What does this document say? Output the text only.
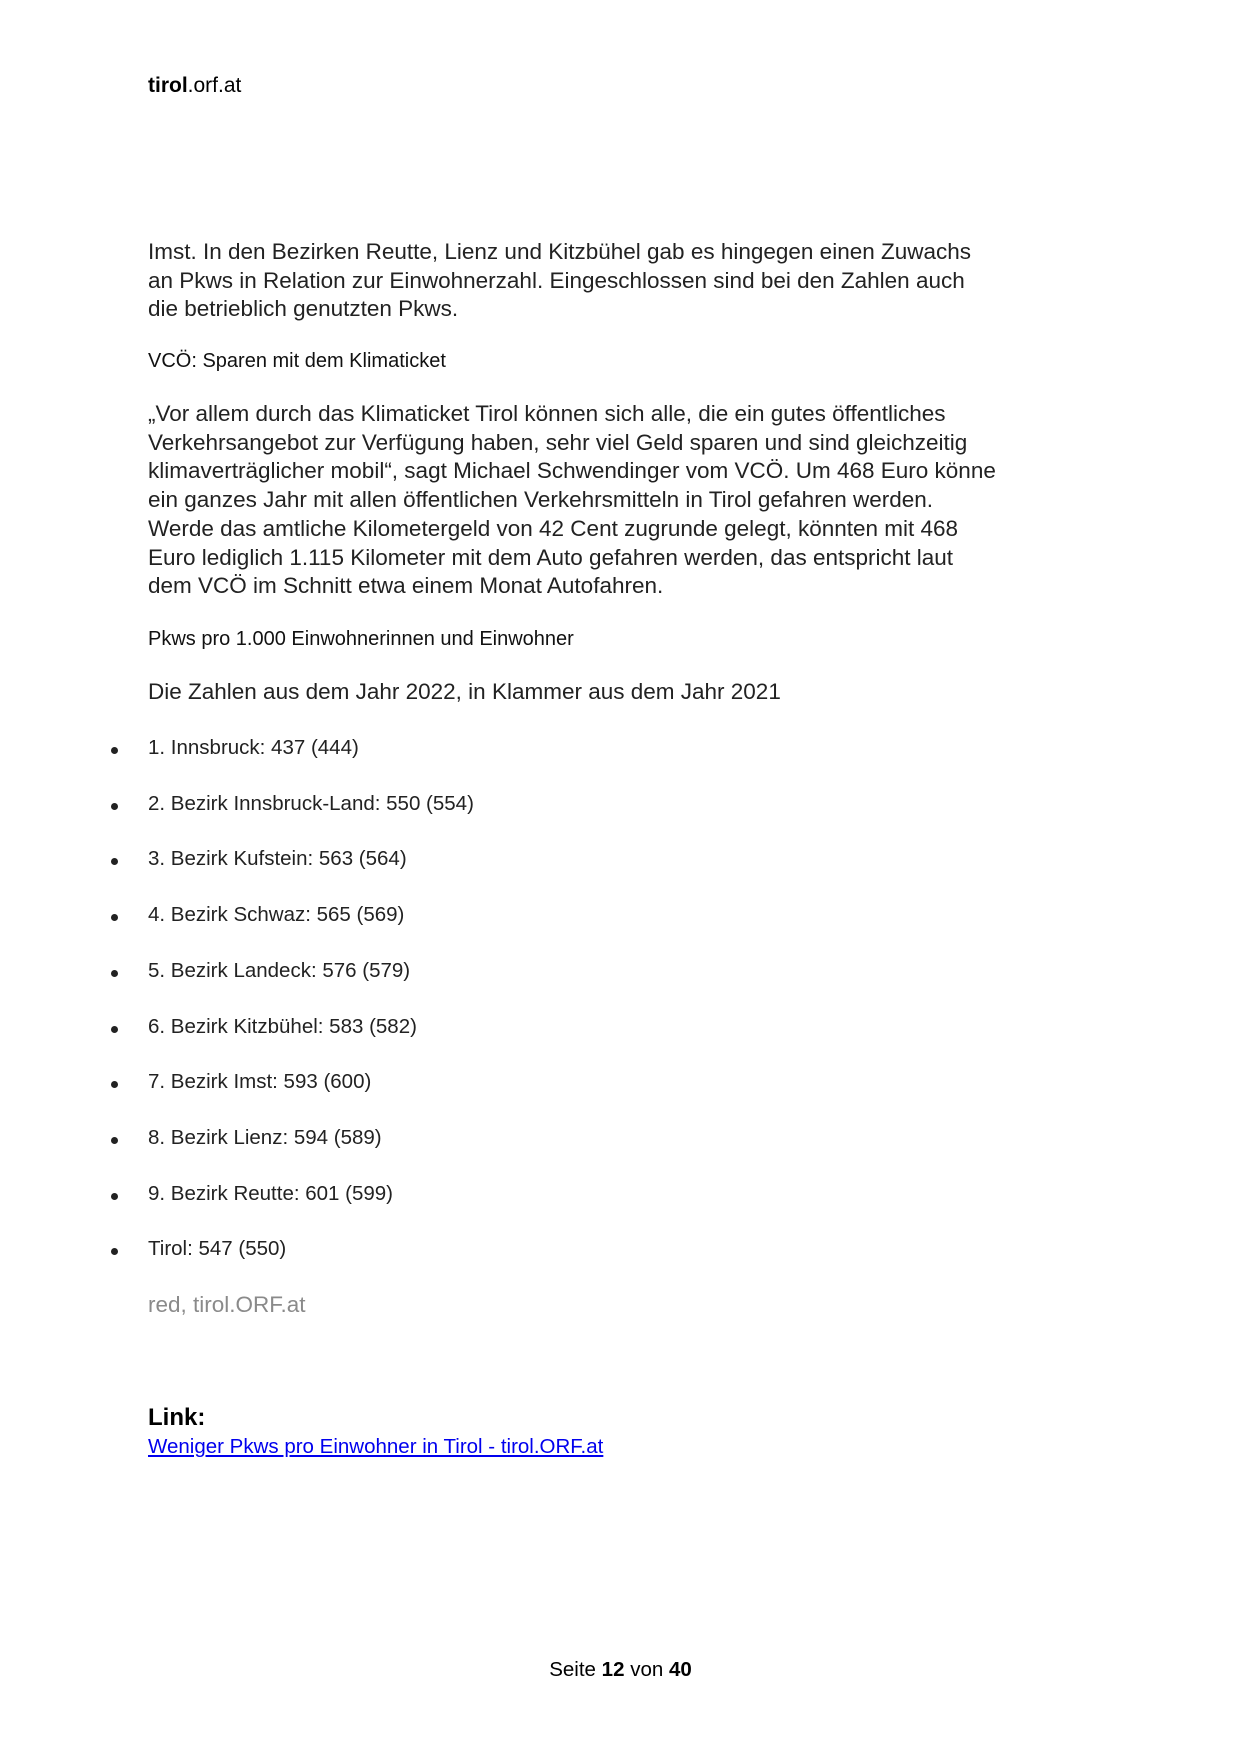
tirol.orf.at
Imst. In den Bezirken Reutte, Lienz und Kitzbühel gab es hingegen einen Zuwachs
an Pkws in Relation zur Einwohnerzahl. Eingeschlossen sind bei den Zahlen auch
die betrieblich genutzten Pkws.
VCÖ: Sparen mit dem Klimaticket
„Vor allem durch das Klimaticket Tirol können sich alle, die ein gutes öffentliches
Verkehrsangebot zur Verfügung haben, sehr viel Geld sparen und sind gleichzeitig
klimaverträglicher mobil“, sagt Michael Schwendinger vom VCÖ. Um 468 Euro könne
ein ganzes Jahr mit allen öffentlichen Verkehrsmitteln in Tirol gefahren werden.
Werde das amtliche Kilometergeld von 42 Cent zugrunde gelegt, könnten mit 468
Euro lediglich 1.115 Kilometer mit dem Auto gefahren werden, das entspricht laut
dem VCÖ im Schnitt etwa einem Monat Autofahren.
Pkws pro 1.000 Einwohnerinnen und Einwohner
Die Zahlen aus dem Jahr 2022, in Klammer aus dem Jahr 2021
1. Innsbruck: 437 (444)
2. Bezirk Innsbruck-Land: 550 (554)
3. Bezirk Kufstein: 563 (564)
4. Bezirk Schwaz: 565 (569)
5. Bezirk Landeck: 576 (579)
6. Bezirk Kitzbühel: 583 (582)
7. Bezirk Imst: 593 (600)
8. Bezirk Lienz: 594 (589)
9. Bezirk Reutte: 601 (599)
Tirol: 547 (550)
red, tirol.ORF.at
Link:
Weniger Pkws pro Einwohner in Tirol - tirol.ORF.at
Seite 12 von 40
